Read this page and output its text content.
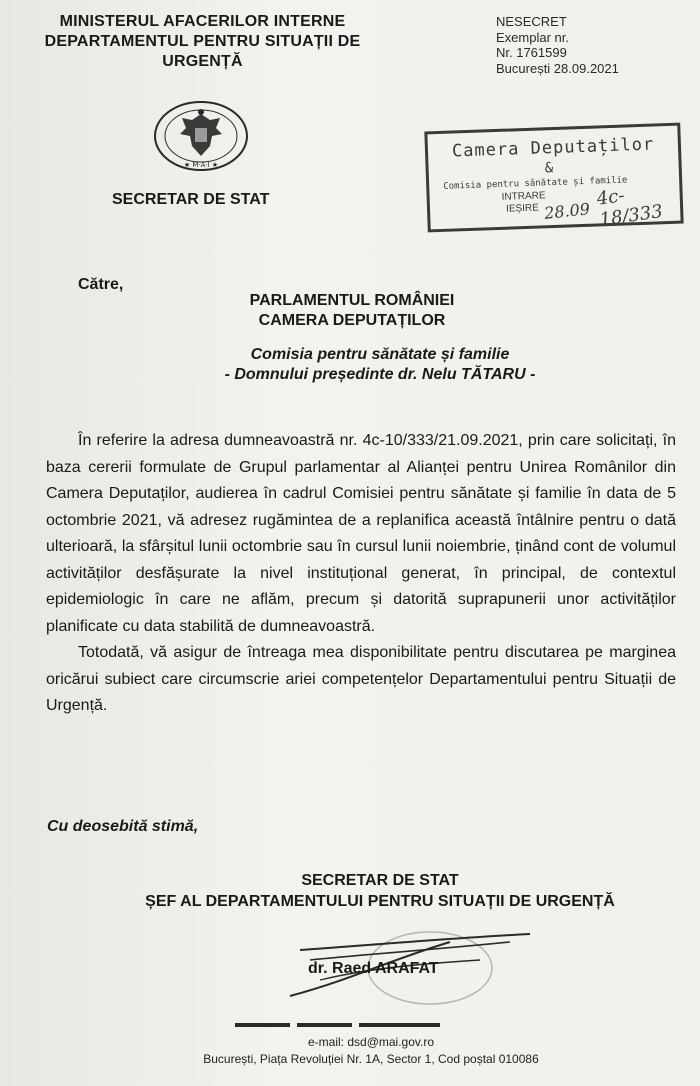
MINISTERUL AFACERILOR INTERNE
DEPARTAMENTUL PENTRU SITUAȚII DE
URGENȚĂ
★ M·A·I ★
SECRETAR DE STAT
NESECRET
Exemplar nr.
Nr. 1761599
București 28.09.2021
Camera Deputaților
&
Comisia pentru sănătate și familie
INTRARE
IEȘIRE	4c-18/333
28.09
Către,
PARLAMENTUL ROMÂNIEI
CAMERA DEPUTAȚILOR
Comisia pentru sănătate și familie
- Domnului președinte dr. Nelu TĂTARU -

În referire la adresa dumneavoastră nr. 4c-10/333/21.09.2021, prin care solicitați, în baza cererii formulate de Grupul parlamentar al Alianței pentru Unirea Românilor din Camera Deputaților, audierea în cadrul Comisiei pentru sănătate și familie în data de 5 octombrie 2021, vă adresez rugămintea de a replanifica această întâlnire pentru o dată ulterioară, la sfârșitul lunii octombrie sau în cursul lunii noiembrie, ținând cont de volumul activităților desfășurate la nivel instituțional generat, în principal, de contextul epidemiologic în care ne aflăm, precum și datorită suprapunerii unor activităților planificate cu data stabilită de dumneavoastră.

Totodată, vă asigur de întreaga mea disponibilitate pentru discutarea pe marginea oricărui subiect care circumscrie ariei competențelor Departamentului pentru Situații de Urgență.

Cu deosebită stimă,
SECRETAR DE STAT
ȘEF AL DEPARTAMENTULUI PENTRU SITUAȚII DE URGENȚĂ
dr. Raed ARAFAT
e-mail: dsd@mai.gov.ro
București, Piața Revoluției Nr. 1A, Sector 1, Cod poștal 010086
